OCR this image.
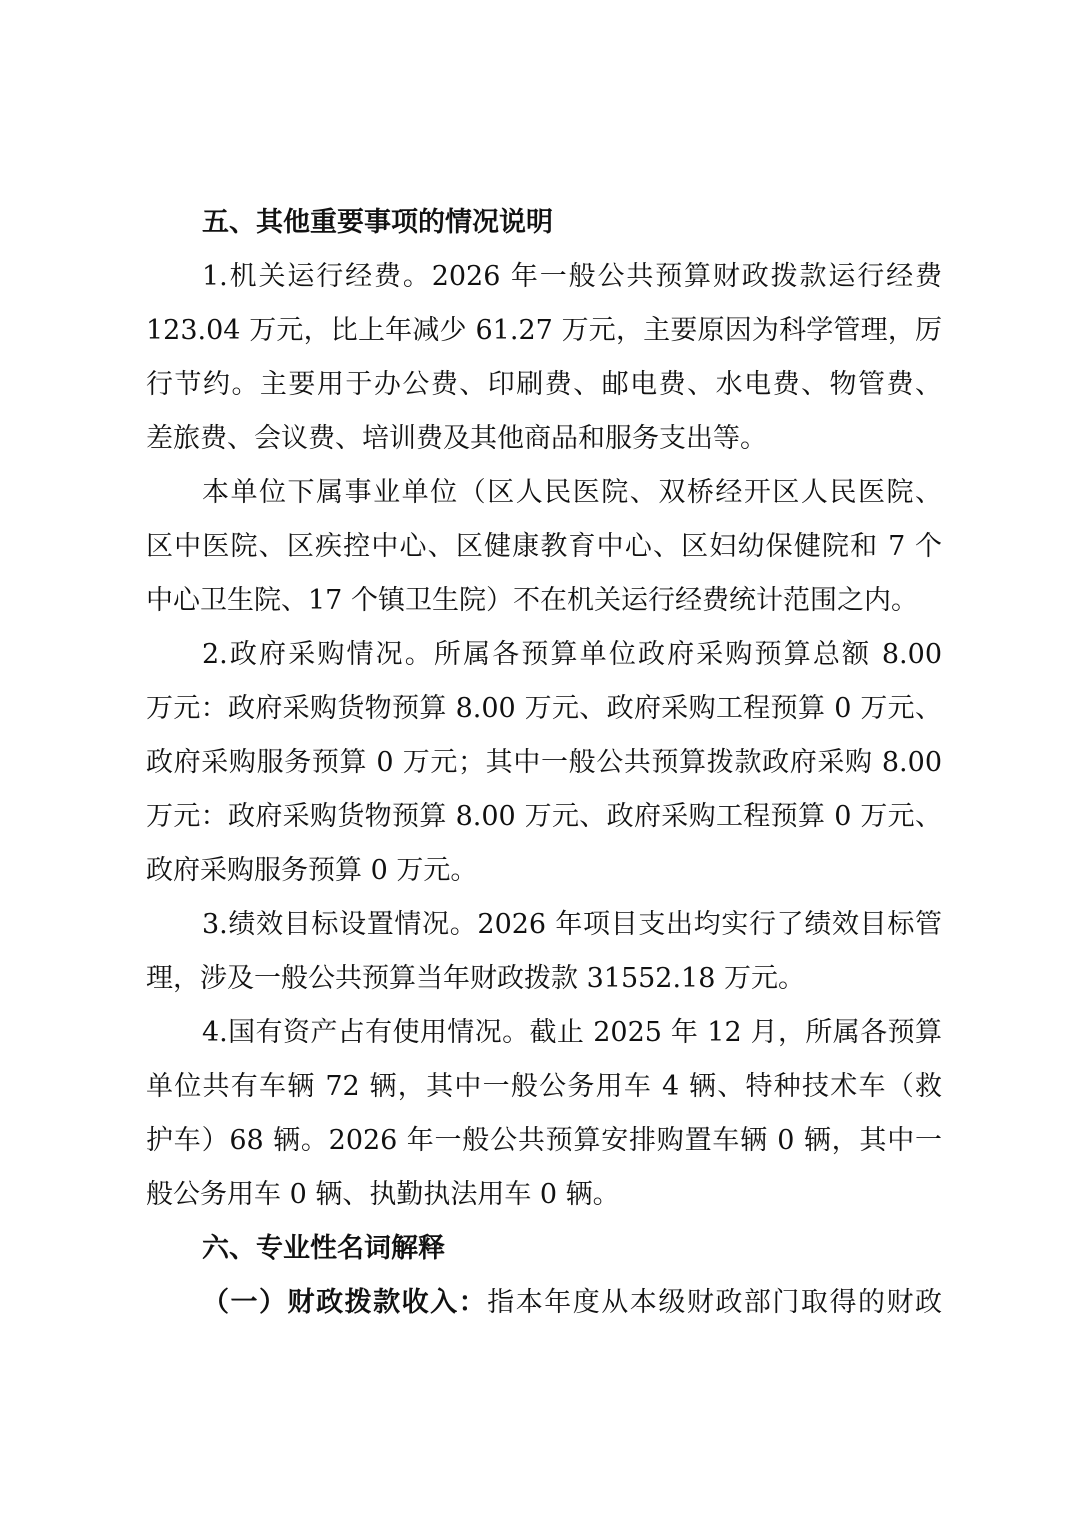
五、其他重要事项的情况说明
1.机关运行经费。2026 年一般公共预算财政拨款运行经费
123.04 万元，比上年减少 61.27 万元，主要原因为科学管理，厉
行节约。主要用于办公费、印刷费、邮电费、水电费、物管费、
差旅费、会议费、培训费及其他商品和服务支出等。
本单位下属事业单位（区人民医院、双桥经开区人民医院、
区中医院、区疾控中心、区健康教育中心、区妇幼保健院和 7 个
中心卫生院、17 个镇卫生院）不在机关运行经费统计范围之内。
2.政府采购情况。所属各预算单位政府采购预算总额 8.00
万元：政府采购货物预算 8.00 万元、政府采购工程预算 0 万元、
政府采购服务预算 0 万元；其中一般公共预算拨款政府采购 8.00
万元：政府采购货物预算 8.00 万元、政府采购工程预算 0 万元、
政府采购服务预算 0 万元。
3.绩效目标设置情况。2026 年项目支出均实行了绩效目标管
理，涉及一般公共预算当年财政拨款 31552.18 万元。
4.国有资产占有使用情况。截止 2025 年 12 月，所属各预算
单位共有车辆 72 辆，其中一般公务用车 4 辆、特种技术车（救
护车）68 辆。2026 年一般公共预算安排购置车辆 0 辆，其中一
般公务用车 0 辆、执勤执法用车 0 辆。
六、专业性名词解释
（一）财政拨款收入：指本年度从本级财政部门取得的财政
